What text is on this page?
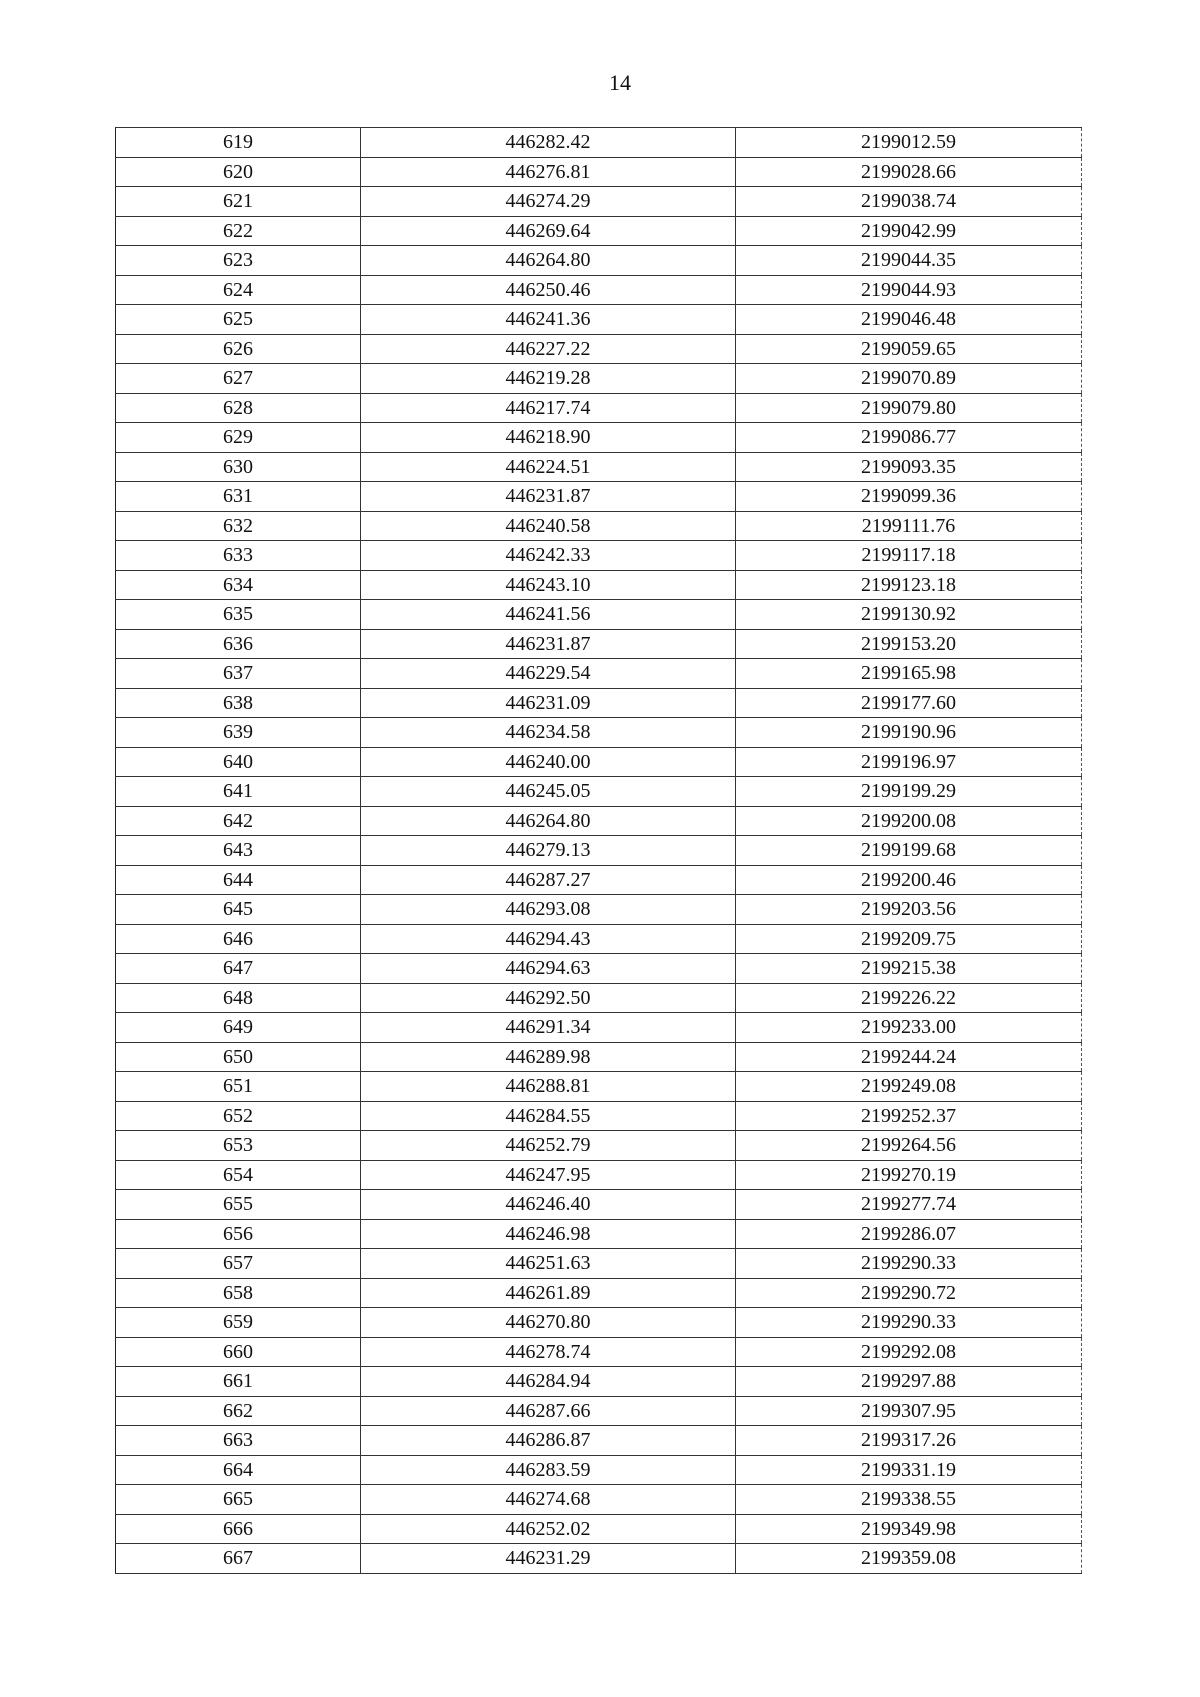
14
619	446282.42	2199012.59
620	446276.81	2199028.66
621	446274.29	2199038.74
622	446269.64	2199042.99
623	446264.80	2199044.35
624	446250.46	2199044.93
625	446241.36	2199046.48
626	446227.22	2199059.65
627	446219.28	2199070.89
628	446217.74	2199079.80
629	446218.90	2199086.77
630	446224.51	2199093.35
631	446231.87	2199099.36
632	446240.58	2199111.76
633	446242.33	2199117.18
634	446243.10	2199123.18
635	446241.56	2199130.92
636	446231.87	2199153.20
637	446229.54	2199165.98
638	446231.09	2199177.60
639	446234.58	2199190.96
640	446240.00	2199196.97
641	446245.05	2199199.29
642	446264.80	2199200.08
643	446279.13	2199199.68
644	446287.27	2199200.46
645	446293.08	2199203.56
646	446294.43	2199209.75
647	446294.63	2199215.38
648	446292.50	2199226.22
649	446291.34	2199233.00
650	446289.98	2199244.24
651	446288.81	2199249.08
652	446284.55	2199252.37
653	446252.79	2199264.56
654	446247.95	2199270.19
655	446246.40	2199277.74
656	446246.98	2199286.07
657	446251.63	2199290.33
658	446261.89	2199290.72
659	446270.80	2199290.33
660	446278.74	2199292.08
661	446284.94	2199297.88
662	446287.66	2199307.95
663	446286.87	2199317.26
664	446283.59	2199331.19
665	446274.68	2199338.55
666	446252.02	2199349.98
667	446231.29	2199359.08
